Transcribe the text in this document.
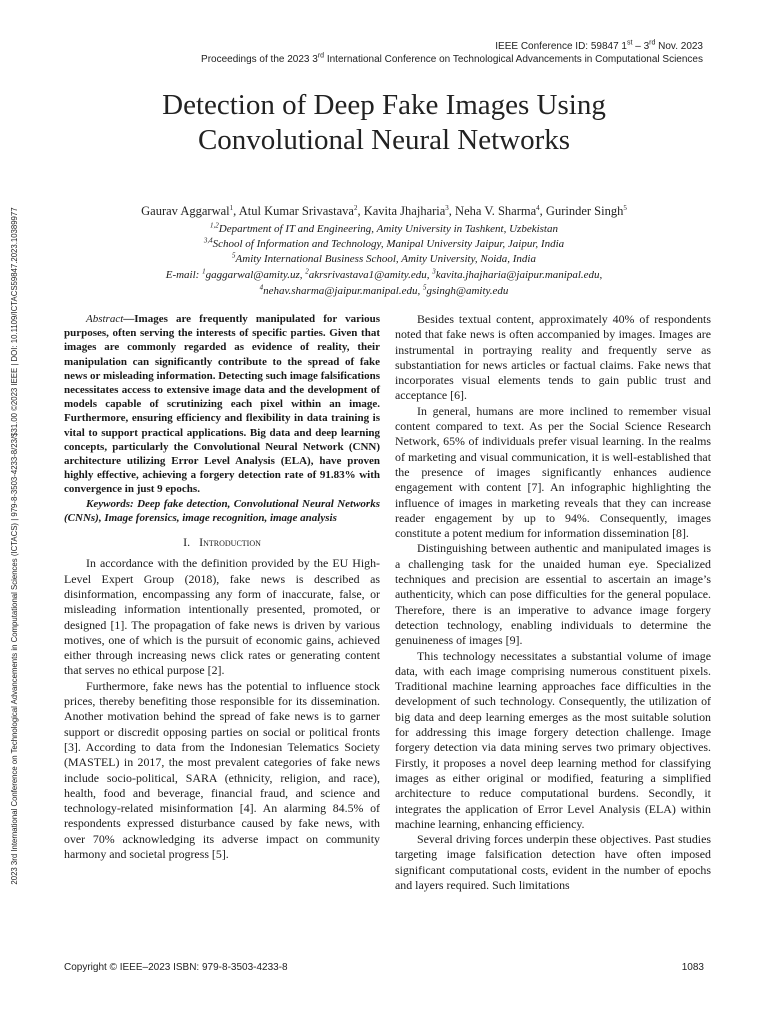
IEEE Conference ID: 59847 1st – 3rd Nov. 2023
Proceedings of the 2023 3rd International Conference on Technological Advancements in Computational Sciences
2023 3rd International Conference on Technological Advancements in Computational Sciences (ICTACS) | 979-8-3503-4233-8/23/$31.00 ©2023 IEEE | DOI: 10.1109/ICTACS59847.2023.10389977
Detection of Deep Fake Images Using
Convolutional Neural Networks
Gaurav Aggarwal$^1$, Atul Kumar Srivastava$^2$, Kavita Jhajharia$^3$, Neha V. Sharma$^4$, Gurinder Singh$^5$
$^{1,2}$Department of IT and Engineering, Amity University in Tashkent, Uzbekistan
$^{3,4}$School of Information and Technology, Manipal University Jaipur, Jaipur, India
$^5$Amity International Business School, Amity University, Noida, India
E-mail: $^1$gaggarwal@amity.uz, $^2$akrsrivastava1@amity.edu, $^3$kavita.jhajharia@jaipur.manipal.edu,
$^4$nehav.sharma@jaipur.manipal.edu, $^5$gsingh@amity.edu

Abstract—Images are frequently manipulated for various purposes, often serving the interests of specific parties. Given that images are commonly regarded as evidence of reality, their manipulation can significantly contribute to the spread of fake news or misleading information. Detecting such image falsifications necessitates access to extensive image data and the development of models capable of scrutinizing each pixel within an image. Furthermore, ensuring efficiency and flexibility in data training is vital to support practical applications. Big data and deep learning concepts, particularly the Convolutional Neural Network (CNN) architecture utilizing Error Level Analysis (ELA), have proven highly effective, achieving a forgery detection rate of 91.83% with convergence in just 9 epochs.

Keywords: Deep fake detection, Convolutional Neural Networks (CNNs), Image forensics, image recognition, image analysis

I. Introduction

In accordance with the definition provided by the EU High-Level Expert Group (2018), fake news is described as disinformation, encompassing any form of inaccurate, false, or misleading information intentionally presented, promoted, or designed [1]. The propagation of fake news is driven by various motives, one of which is the pursuit of economic gains, achieved either through increasing news click rates or generating content that serves no ethical purpose [2].

Furthermore, fake news has the potential to influence stock prices, thereby benefiting those responsible for its dissemination. Another motivation behind the spread of fake news is to garner support or discredit opposing parties on social or political fronts [3]. According to data from the Indonesian Telematics Society (MASTEL) in 2017, the most prevalent categories of fake news include socio-political, SARA (ethnicity, religion, and race), health, food and beverage, financial fraud, and science and technology-related misinformation [4]. An alarming 84.5% of respondents expressed disturbance caused by fake news, with over 70% acknowledging its adverse impact on community harmony and societal progress [5].

Besides textual content, approximately 40% of respondents noted that fake news is often accompanied by images. Images are instrumental in portraying reality and frequently serve as substantiation for news articles or factual claims. Fake news that incorporates visual elements tends to gain public trust and acceptance [6].

In general, humans are more inclined to remember visual content compared to text. As per the Social Science Research Network, 65% of individuals prefer visual learning. In the realms of marketing and visual communication, it is well-established that the presence of images significantly enhances audience engagement with content [7]. An infographic highlighting the influence of images in marketing reveals that they can increase reader engagement by up to 94%. Consequently, images constitute a potent medium for information dissemination [8].

Distinguishing between authentic and manipulated images is a challenging task for the unaided human eye. Specialized techniques and precision are essential to ascertain an image’s authenticity, which can pose difficulties for the general populace. Therefore, there is an imperative to advance image forgery detection technology, enabling individuals to determine the genuineness of images [9].

This technology necessitates a substantial volume of image data, with each image comprising numerous constituent pixels. Traditional machine learning approaches face difficulties in the development of such technology. Consequently, the utilization of big data and deep learning emerges as the most suitable solution for addressing this image forgery detection challenge. Image forgery detection via data mining serves two primary objectives. Firstly, it proposes a novel deep learning method for classifying images as either original or modified, featuring a simplified architecture to reduce computational burdens. Secondly, it integrates the application of Error Level Analysis (ELA) within machine learning, enhancing efficiency.

Several driving forces underpin these objectives. Past studies targeting image falsification detection have often imposed significant computational costs, evident in the number of epochs and layers required. Such limitations

Copyright © IEEE–2023 ISBN: 979-8-3503-4233-8	1083
